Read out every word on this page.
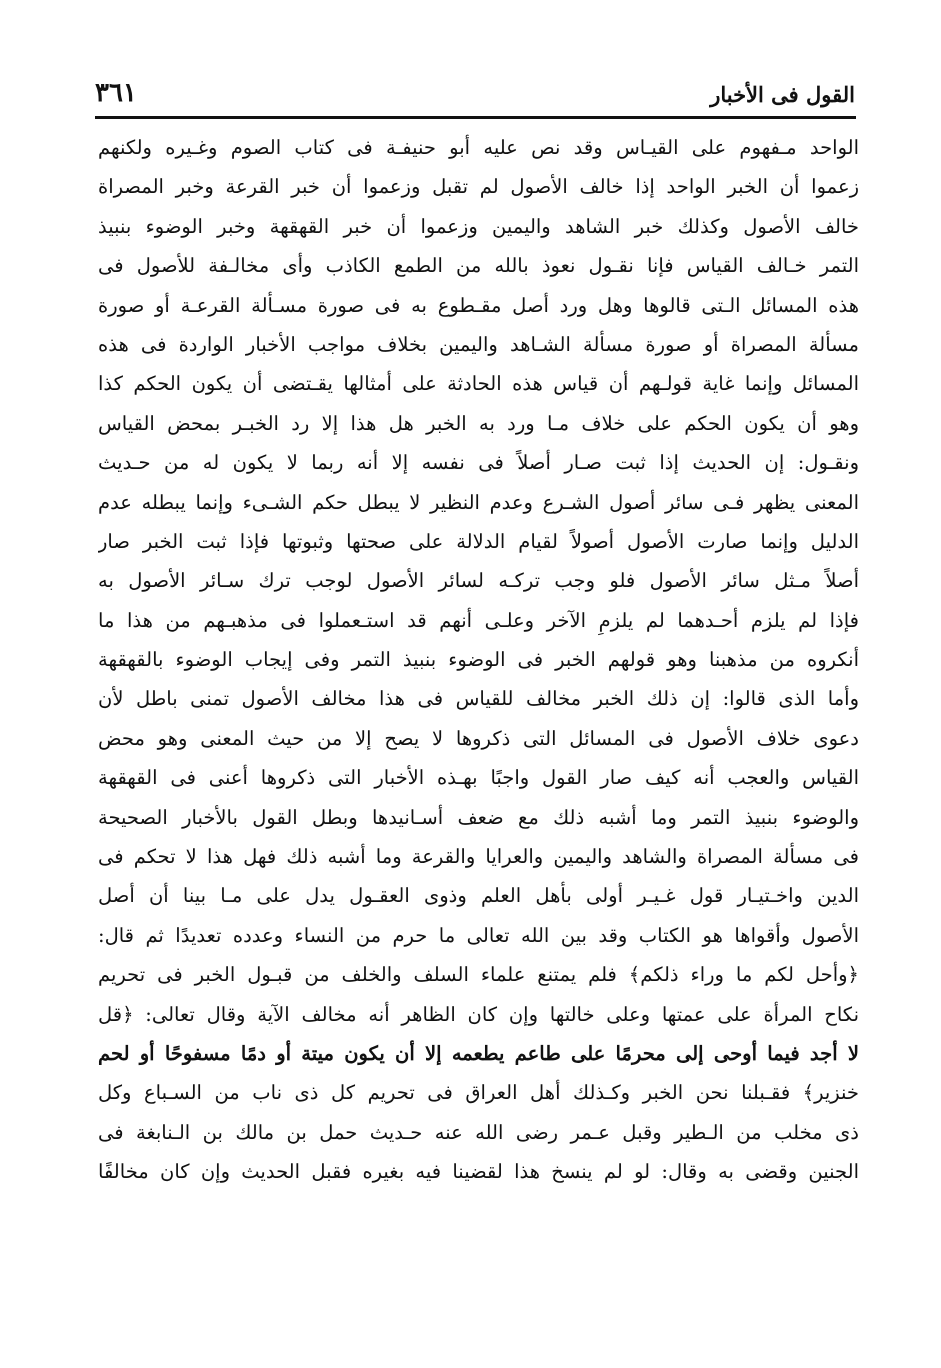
القول فى الأخبار
٣٦١
الواحد مـفهوم على القيـاس وقد نص عليه أبو حنيفـة فى كتاب الصوم وغـيره ولكنهم
زعموا أن الخبر الواحد إذا خالف الأصول لم تقبل وزعموا أن خبر القرعة وخبر المصراة
خالف الأصول وكذلك خبر الشاهد واليمين وزعموا أن خبر القهقهة وخبر الوضوء بنبيذ
التمر خـالف القياس فإنا نقـول نعوذ بالله من الطمع الكاذب وأى مخالـفة للأصول فى
هذه المسائل الـتى قالوها وهل ورد أصل مقـطوع به فى صورة مسـألة القرعـة أو صورة
مسألة المصراة أو صورة مسألة الشـاهد واليمين بخلاف مواجب الأخبار الواردة فى هذه
المسائل وإنما غاية قولـهم أن قياس هذه الحادثة على أمثالها يقـتضى أن يكون الحكم كذا
وهو أن يكون الحكم على خلاف مـا ورد به الخبر هل هذا إلا رد الخبـر بمحض القياس
ونقـول: إن الحديث إذا ثبت صـار أصلاً فى نفسه إلا أنه ربما لا يكون له من حـديث
المعنى يظهر فـى سائر أصول الشـرع وعدم النظير لا يبطل حكم الشـىء وإنما يبطله عدم
الدليل وإنما صارت الأصول أصولاً لقيام الدلالة على صحتها وثبوتها فإذا ثبت الخبر صار
أصلاً مـثل سائر الأصول فلو وجب تركـه لسائر الأصول لوجب ترك سـائر الأصول به
فإذا لم يلزم أحـدهما لم يلزمِ الآخر وعلـى أنهم قد استـعملوا فى مذهبـهم من هذا ما
أنكروه من مذهبنا وهو قولهم الخبر فى الوضوء بنبيذ التمر وفى إيجاب الوضوء بالقهقهة
وأما الذى قالوا: إن ذلك الخبر مخالف للقياس فى هذا مخالف الأصول تمنى باطل لأن
دعوى خلاف الأصول فى المسائل التى ذكروها لا يصح إلا من حيث المعنى وهو محض
القياس والعجب أنه كيف صار القول واجبًا بهـذه الأخبار التى ذكروها أعنى فى القهقهة
والوضوء بنبيذ التمر وما أشبه ذلك مع ضعف أسـانيدها وبطل القول بالأخبار الصحيحة
فى مسألة المصراة والشاهد واليمين والعرايا والقرعة وما أشبه ذلك فهل هذا لا تحكم فى
الدين واخـتيـار قول غـيـر أولى بأهل العلم وذوى العقـول يدل على مـا بينا أن أصل
الأصول وأقواها هو الكتاب وقد بين الله تعالى ما حرم من النساء وعدده تعديدًا ثم قال:
﴿وأحل لكم ما وراء ذلكم﴾ فلم يمتنع علماء السلف والخلف من قبـول الخبر فى تحريم
نكاح المرأة على عمتها وعلى خالتها وإن كان الظاهر أنه مخالف الآية وقال تعالى: ﴿قل
لا أجد فيما أوحى إلى محرمًا على طاعم يطعمه إلا أن يكون ميتة أو دمًا مسفوحًا أو لحم
خنزير﴾ فقـبلنا نحن الخبر وكـذلك أهل العراق فى تحريم كل ذى ناب من السـباع وكل
ذى مخلب من الـطير وقبل عـمر رضى الله عنه حـديث حمل بن مالك بن الـنابغة فى
الجنين وقضى به وقال: لو لم ينسخ هذا لقضينا فيه بغيره فقبل الحديث وإن كان مخالفًا
